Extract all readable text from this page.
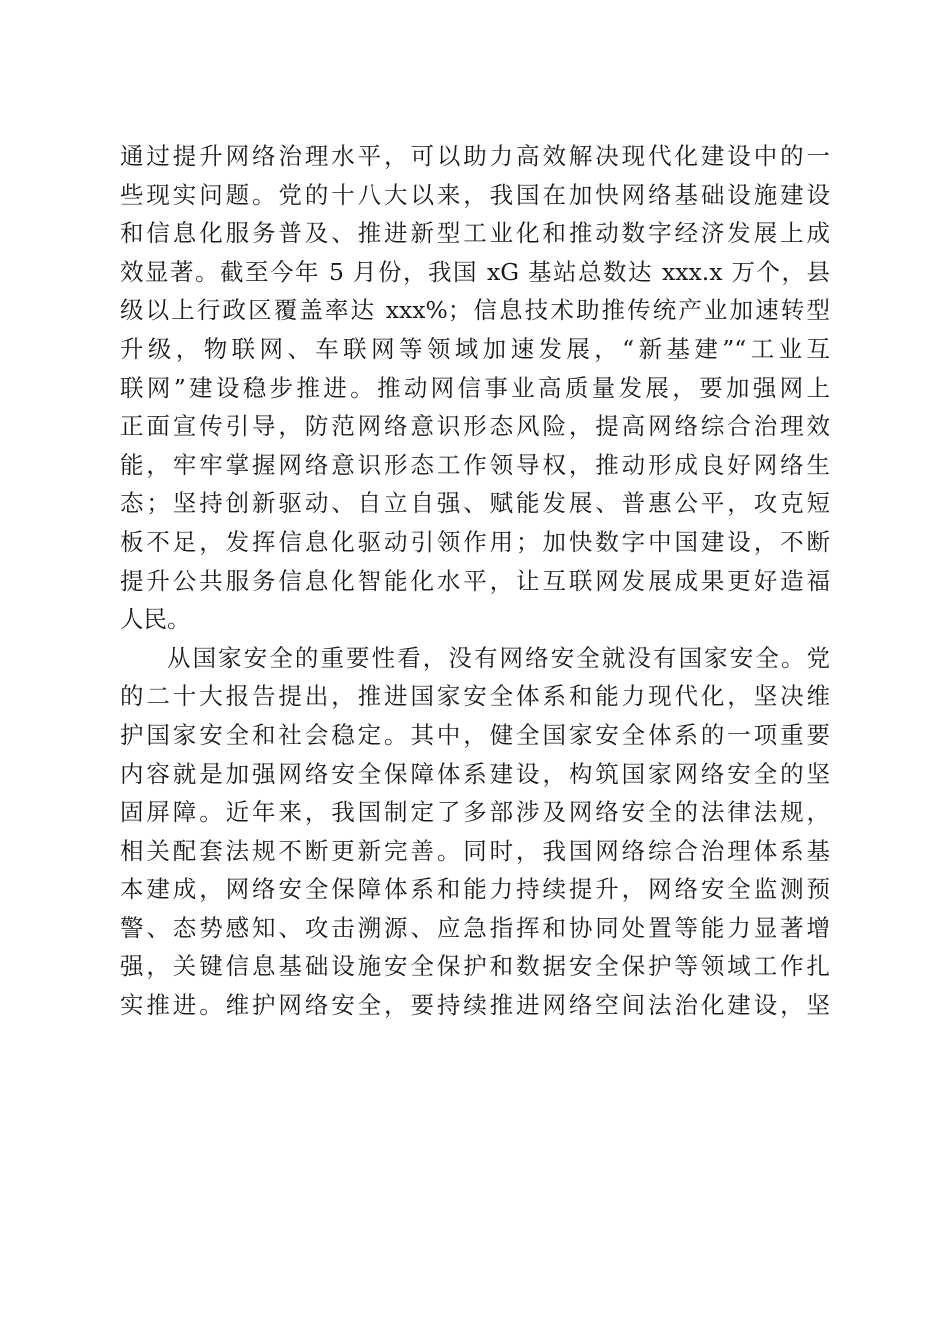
通过提升网络治理水平，可以助力高效解决现代化建设中的一
些现实问题。党的十八大以来，我国在加快网络基础设施建设
和信息化服务普及、推进新型工业化和推动数字经济发展上成
效显著。截至今年 5 月份，我国 xG 基站总数达 xxx.x 万个，县
级以上行政区覆盖率达 xxx%；信息技术助推传统产业加速转型
升级，物联网、车联网等领域加速发展，“新基建”“工业互
联网”建设稳步推进。推动网信事业高质量发展，要加强网上
正面宣传引导，防范网络意识形态风险，提高网络综合治理效
能，牢牢掌握网络意识形态工作领导权，推动形成良好网络生
态；坚持创新驱动、自立自强、赋能发展、普惠公平，攻克短
板不足，发挥信息化驱动引领作用；加快数字中国建设，不断
提升公共服务信息化智能化水平，让互联网发展成果更好造福
人民。
从国家安全的重要性看，没有网络安全就没有国家安全。党
的二十大报告提出，推进国家安全体系和能力现代化，坚决维
护国家安全和社会稳定。其中，健全国家安全体系的一项重要
内容就是加强网络安全保障体系建设，构筑国家网络安全的坚
固屏障。近年来，我国制定了多部涉及网络安全的法律法规，
相关配套法规不断更新完善。同时，我国网络综合治理体系基
本建成，网络安全保障体系和能力持续提升，网络安全监测预
警、态势感知、攻击溯源、应急指挥和协同处置等能力显著增
强，关键信息基础设施安全保护和数据安全保护等领域工作扎
实推进。维护网络安全，要持续推进网络空间法治化建设，坚
